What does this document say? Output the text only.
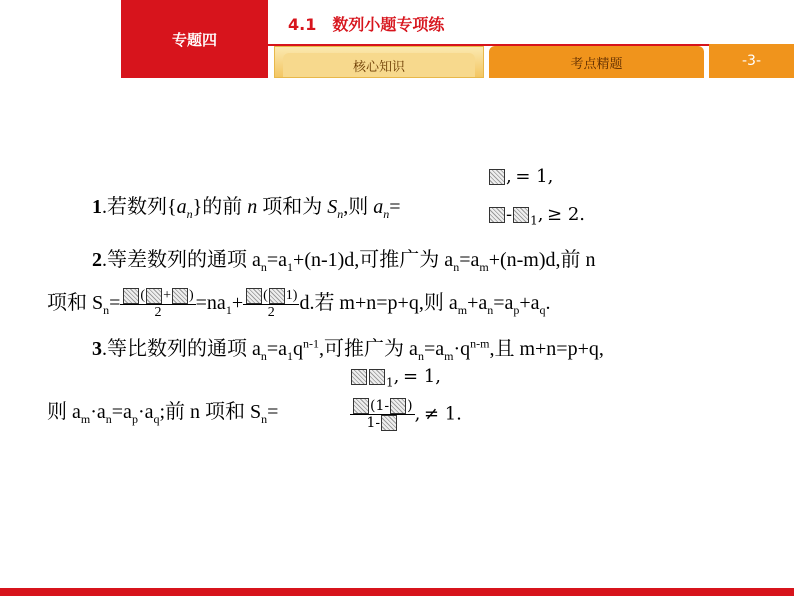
专题四
4.1　数列小题专项练
核心知识	考点精题	-3-
1.若数列$\{a_n\}$的前 n 项和为 $S_n$,则 $a_n=$
, = 1,
- $_1$, ≥ 2.
2.等差数列的通项 $a_n=a_1+(n-1)d$,可推广为 $a_n=a_m+(n-m)d$,前 n
项和 $S_n= \frac{( + )}{2} =na_1+ \frac{( 1)}{2} d$.若 m+n=p+q,则 $a_m+a_n=a_p+a_q$.
3.等比数列的通项 $a_n=a_1q^{n-1}$,可推广为 $a_n=a_m\cdot q^{n-m}$,且 m+n=p+q,
则 $a_m\cdot a_n=a_p\cdot a_q$;前 n 项和 $S_n=$
$_1$, = 1,
$\frac{(1- )}{1-}$ , ≠ 1.
